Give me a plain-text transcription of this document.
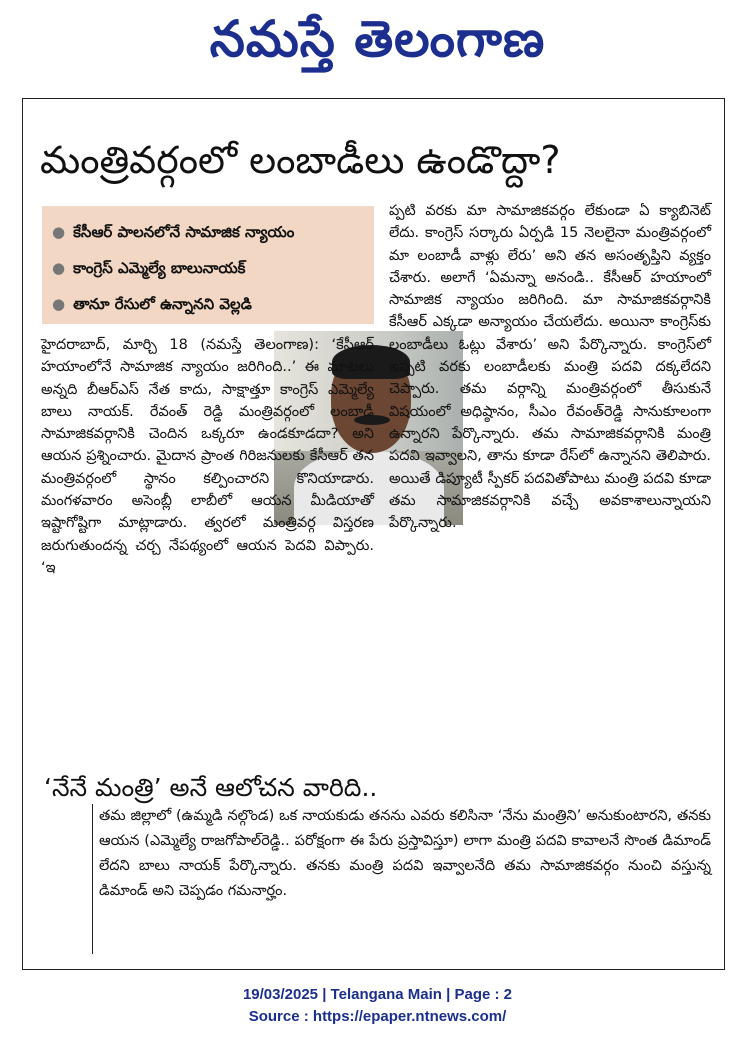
నమస్తే తెలంగాణ
మంత్రివర్గంలో లంబాడీలు ఉండొద్దా?
● కేసీఆర్ పాలనలోనే సామాజిక న్యాయం
● కాంగ్రెస్ ఎమ్మెల్యే బాలునాయక్
● తానూ రేసులో ఉన్నానని వెల్లడి

హైదరాబాద్, మార్చి 18 (నమస్తే తెలంగాణ): ‘కేసీఆర్ హయాంలోనే సామాజిక న్యాయం జరిగింది..’ ఈ మాటలు అన్నది బీఆర్ఎస్ నేత కాదు, సాక్షాత్తూ కాంగ్రెస్ ఎమ్మెల్యే బాలు నాయక్. రేవంత్ రెడ్డి మంత్రివర్గంలో లంబాడీ సామాజికవర్గానికి చెందిన ఒక్కరూ ఉండకూడదా? అని ఆయన ప్రశ్నించారు. మైదాన ప్రాంత గిరిజనులకు కేసీఆర్ తన మంత్రివర్గంలో స్థానం కల్పించారని కొనియాడారు. మంగళవారం అసెంబ్లీ లాబీలో ఆయన మీడియాతో ఇష్టాగోష్టిగా మాట్లాడారు. త్వరలో మంత్రివర్గ విస్తరణ జరుగుతుందన్న చర్చ నేపథ్యంలో ఆయన పెదవి విప్పారు. ‘ఇ

ప్పటి వరకు మా సామాజికవర్గం లేకుండా ఏ క్యాబినెట్ లేదు. కాంగ్రెస్ సర్కారు ఏర్పడి 15 నెలలైనా మంత్రివర్గంలో మా లంబాడీ వాళ్లు లేరు’ అని తన అసంతృప్తిని వ్యక్తం చేశారు. అలాగే ‘ఏమన్నా అనండి.. కేసీఆర్ హయాంలో సామాజిక న్యాయం జరిగింది. మా సామాజికవర్గానికి కేసీఆర్ ఎక్కడా అన్యాయం చేయలేదు. అయినా కాంగ్రెస్‌కు లంబాడీలు ఓట్లు వేశారు’ అని పేర్కొన్నారు. కాంగ్రెస్‌లో ఇప్పటి వరకు లంబాడీలకు మంత్రి పదవి దక్కలేదని చెప్పారు. తమ వర్గాన్ని మంత్రివర్గంలో తీసుకునే విషయంలో అధిష్ఠానం, సీఎం రేవంత్‌రెడ్డి సానుకూలంగా ఉన్నారని పేర్కొన్నారు. తమ సామాజికవర్గానికి మంత్రి పదవి ఇవ్వాలని, తాను కూడా రేస్‌లో ఉన్నానని తెలిపారు. అయితే డిప్యూటీ స్పీకర్ పదవితోపాటు మంత్రి పదవి కూడా తమ సామాజికవర్గానికి వచ్చే అవకాశాలున్నాయని పేర్కొన్నారు.

‘నేనే మంత్రి’ అనే ఆలోచన వారిది..

తమ జిల్లాలో (ఉమ్మడి నల్గొండ) ఒక నాయకుడు తనను ఎవరు కలిసినా ‘నేను మంత్రిని’ అనుకుంటారని, తనకు ఆయన (ఎమ్మెల్యే రాజగోపాల్‌రెడ్డి.. పరోక్షంగా ఈ పేరు ప్రస్తావిస్తూ) లాగా మంత్రి పదవి కావాలనే సొంత డిమాండ్ లేదని బాలు నాయక్ పేర్కొన్నారు. తనకు మంత్రి పదవి ఇవ్వాలనేది తమ సామాజికవర్గం నుంచి వస్తున్న డిమాండ్ అని చెప్పడం గమనార్హం.

19/03/2025 | Telangana Main | Page : 2
Source : https://epaper.ntnews.com/
